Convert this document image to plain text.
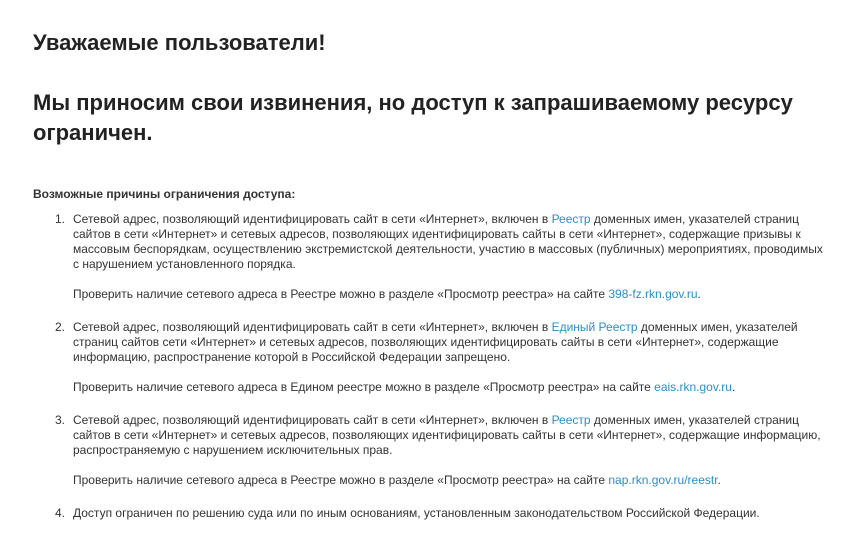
Уважаемые пользователи!
Мы приносим свои извинения, но доступ к запрашиваемому ресурсу ограничен.
Возможные причины ограничения доступа:
1. Сетевой адрес, позволяющий идентифицировать сайт в сети «Интернет», включен в Реестр доменных имен, указателей страниц сайтов в сети «Интернет» и сетевых адресов, позволяющих идентифицировать сайты в сети «Интернет», содержащие призывы к массовым беспорядкам, осуществлению экстремистской деятельности, участию в массовых (публичных) мероприятиях, проводимых с нарушением установленного порядка.

Проверить наличие сетевого адреса в Реестре можно в разделе «Просмотр реестра» на сайте 398-fz.rkn.gov.ru.

2. Сетевой адрес, позволяющий идентифицировать сайт в сети «Интернет», включен в Единый Реестр доменных имен, указателей страниц сайтов сети «Интернет» и сетевых адресов, позволяющих идентифицировать сайты в сети «Интернет», содержащие информацию, распространение которой в Российской Федерации запрещено.

Проверить наличие сетевого адреса в Едином реестре можно в разделе «Просмотр реестра» на сайте eais.rkn.gov.ru.

3. Сетевой адрес, позволяющий идентифицировать сайт в сети «Интернет», включен в Реестр доменных имен, указателей страниц сайтов в сети «Интернет» и сетевых адресов, позволяющих идентифицировать сайты в сети «Интернет», содержащие информацию, распространяемую с нарушением исключительных прав.

Проверить наличие сетевого адреса в Реестре можно в разделе «Просмотр реестра» на сайте nap.rkn.gov.ru/reestr.

4. Доступ ограничен по решению суда или по иным основаниям, установленным законодательством Российской Федерации.
